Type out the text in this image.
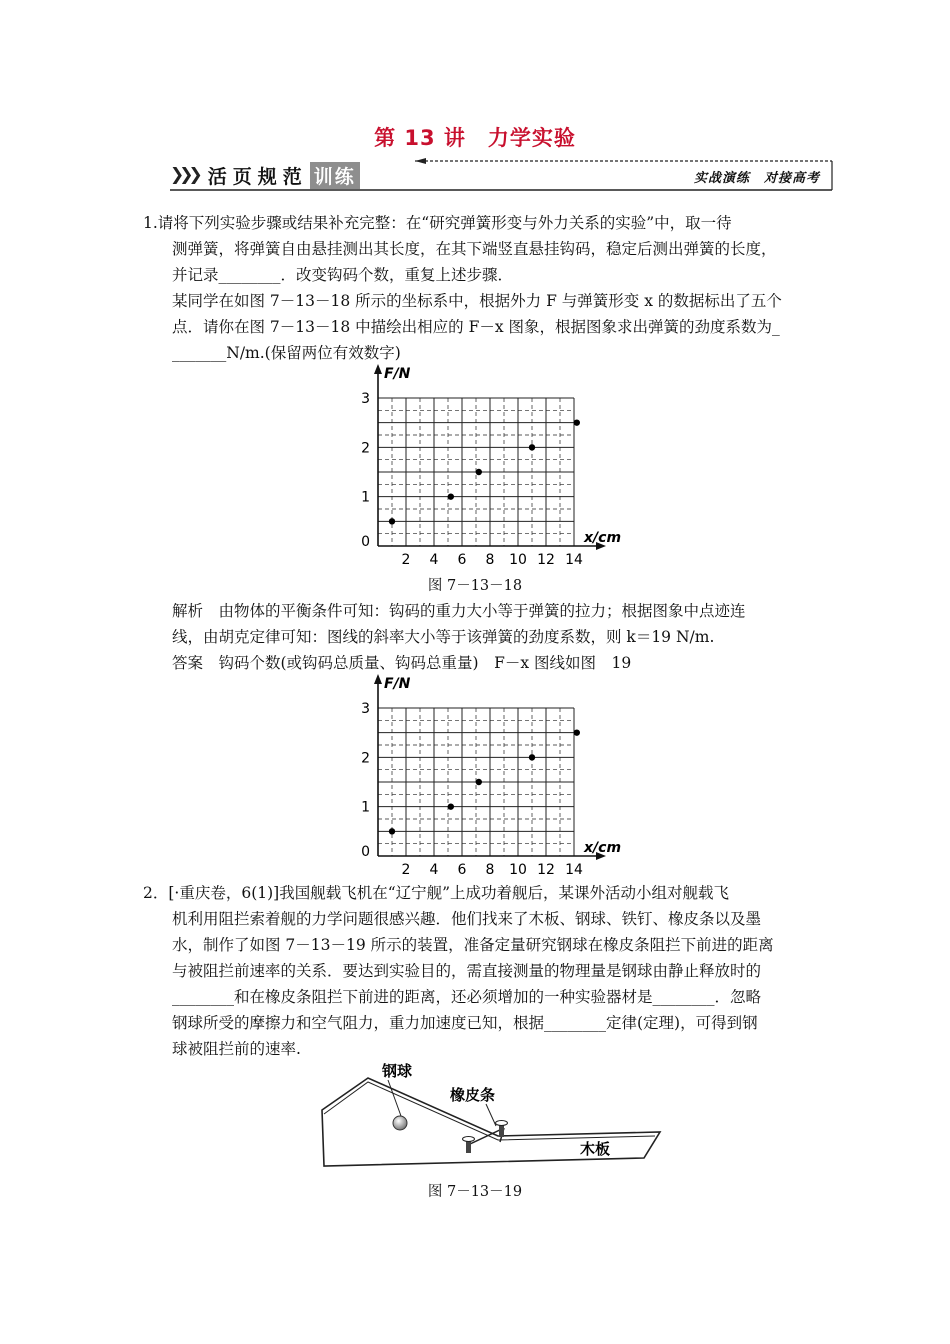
第 13 讲　力学实验
❯❯❯ 活页规范 训练	实战演练　对接高考
1.请将下列实验步骤或结果补充完整：在“研究弹簧形变与外力关系的实验”中，取一待
测弹簧，将弹簧自由悬挂测出其长度，在其下端竖直悬挂钩码，稳定后测出弹簧的长度，
并记录________．改变钩码个数，重复上述步骤．
某同学在如图 7－13－18 所示的坐标系中，根据外力 F 与弹簧形变 x 的数据标出了五个
点．请你在图 7－13－18 中描绘出相应的 F－x 图象，根据图象求出弹簧的劲度系数为_
_______N/m.(保留两位有效数字)
2 4 6 8 10 12 14
0
1
2
3
x/cm
F/N
图 7－13－18
解析　由物体的平衡条件可知：钩码的重力大小等于弹簧的拉力；根据图象中点迹连
线，由胡克定律可知：图线的斜率大小等于该弹簧的劲度系数，则 k＝19 N/m.
答案　钩码个数(或钩码总质量、钩码总重量)　F－x 图线如图　19
2 4 6 8 10 12 14
0
1
2
3
x/cm
F/N
2．[·重庆卷，6(1)]我国舰载飞机在“辽宁舰”上成功着舰后，某课外活动小组对舰载飞
机利用阻拦索着舰的力学问题很感兴趣．他们找来了木板、钢球、铁钉、橡皮条以及墨
水，制作了如图 7－13－19 所示的装置，准备定量研究钢球在橡皮条阻拦下前进的距离
与被阻拦前速率的关系．要达到实验目的，需直接测量的物理量是钢球由静止释放时的
________和在橡皮条阻拦下前进的距离，还必须增加的一种实验器材是________．忽略
钢球所受的摩擦力和空气阻力，重力加速度已知，根据________定律(定理)，可得到钢
球被阻拦前的速率.
钢球
橡皮条
木板
图 7－13－19
